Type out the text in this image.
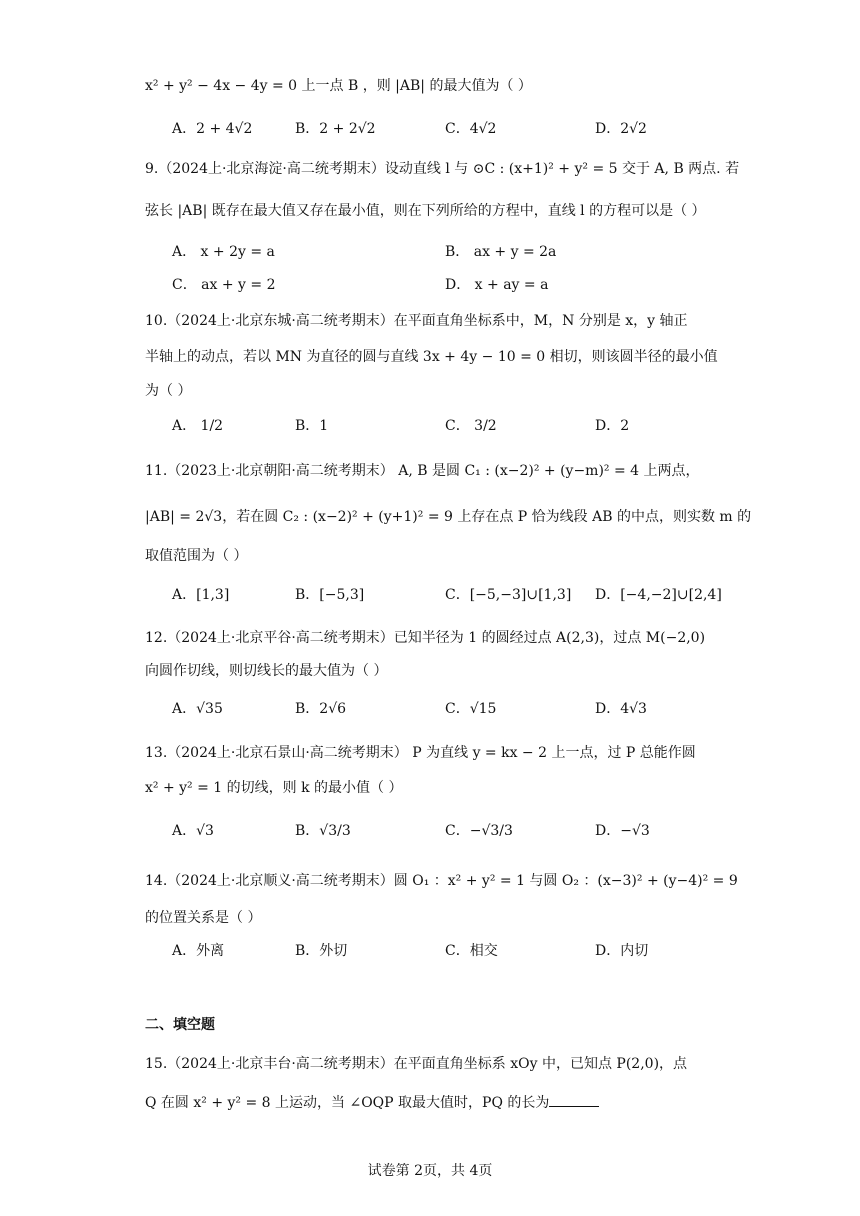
x² + y² − 4x − 4y = 0 上一点 B ，则 |AB| 的最大值为（ ）
9.（2024上·北京海淀·高二统考期末）设动直线 l 与 ⊙C : (x+1)² + y² = 5 交于 A, B 两点. 若
弦长 |AB| 既存在最大值又存在最小值，则在下列所给的方程中，直线 l 的方程可以是（ ）
10.（2024上·北京东城·高二统考期末）在平面直角坐标系中，M，N 分别是 x，y 轴正
半轴上的动点，若以 MN 为直径的圆与直线 3x + 4y − 10 = 0 相切，则该圆半径的最小值
为（ ）
11.（2023上·北京朝阳·高二统考期末） A, B 是圆 C₁ : (x−2)² + (y−m)² = 4 上两点，
|AB| = 2√3，若在圆 C₂ : (x−2)² + (y+1)² = 9 上存在点 P 恰为线段 AB 的中点，则实数 m 的
取值范围为（ ）
12.（2024上·北京平谷·高二统考期末）已知半径为 1 的圆经过点 A(2,3)，过点 M(−2,0)
向圆作切线，则切线长的最大值为（ ）
13.（2024上·北京石景山·高二统考期末） P 为直线 y = kx − 2 上一点，过 P 总能作圆
x² + y² = 1 的切线，则 k 的最小值（ ）
14.（2024上·北京顺义·高二统考期末）圆 O₁ ：x² + y² = 1 与圆 O₂ ：(x−3)² + (y−4)² = 9
的位置关系是（ ）
15.（2024上·北京丰台·高二统考期末）在平面直角坐标系 xOy 中，已知点 P(2,0)，点
Q 在圆 x² + y² = 8 上运动，当 ∠OQP 取最大值时，PQ 的长为
A．2 + 4√2	B．2 + 2√2	C．4√2	D．2√2
A． x + 2y = a	B． ax + y = 2a
C． ax + y = 2	D． x + ay = a
A． 1/2	B．1	C． 3/2	D．2
A．[1,3]	B．[−5,3]	C．[−5,−3]∪[1,3] D．[−4,−2]∪[2,4]
A．√35	B．2√6	C．√15	D．4√3
A．√3	B．√3/3	C．−√3/3	D．−√3
A．外离	B．外切	C．相交	D．内切
二、填空题
试卷第 2页，共 4页
